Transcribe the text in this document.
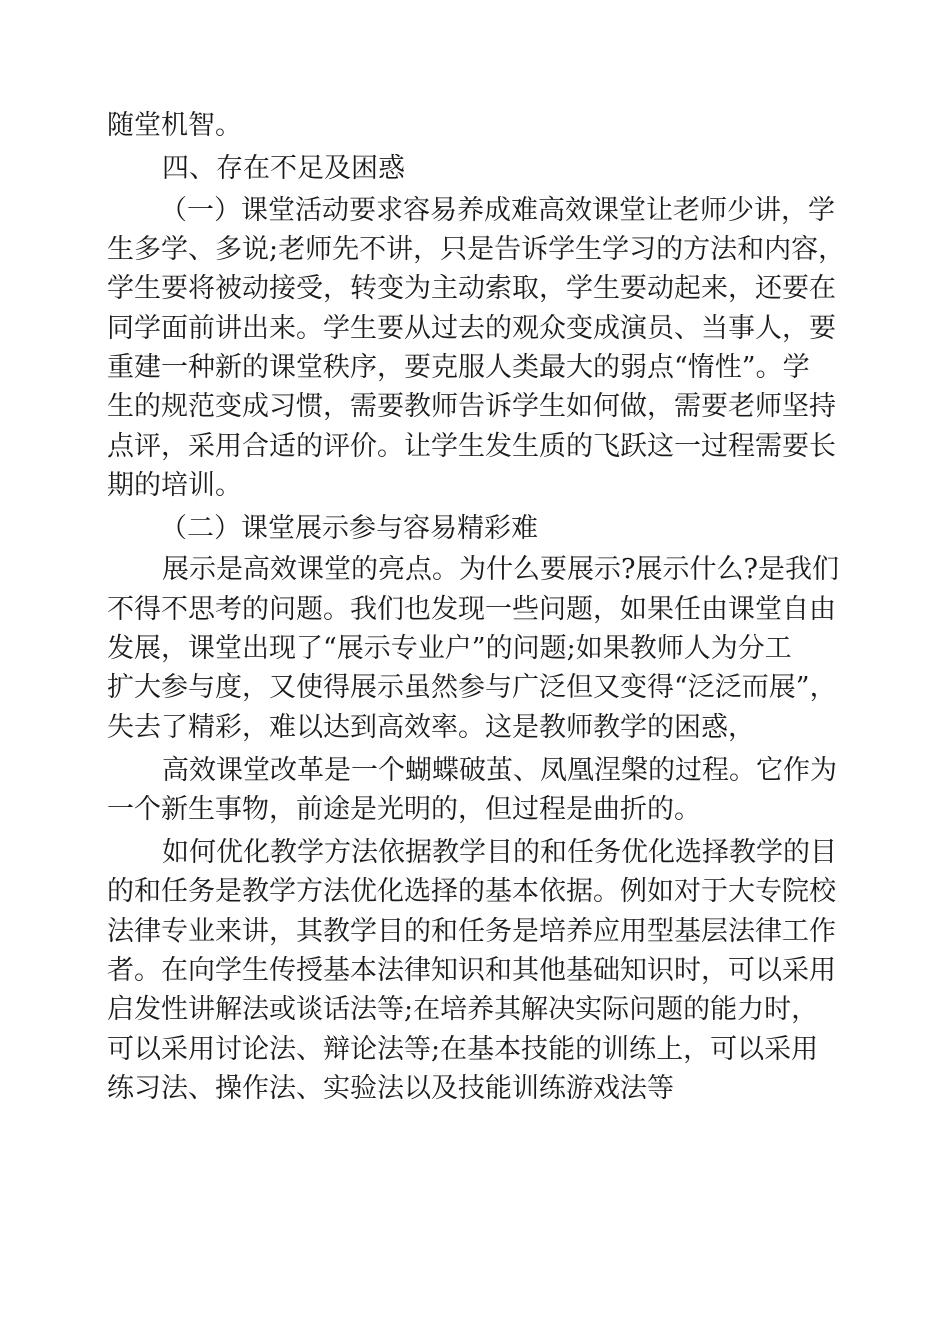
随堂机智。

四、存在不足及困惑

（一）课堂活动要求容易养成难高效课堂让老师少讲，学

生多学、多说;老师先不讲，只是告诉学生学习的方法和内容，

学生要将被动接受，转变为主动索取，学生要动起来，还要在

同学面前讲出来。学生要从过去的观众变成演员、当事人，要

重建一种新的课堂秩序，要克服人类最大的弱点“惰性”。学

生的规范变成习惯，需要教师告诉学生如何做，需要老师坚持

点评，采用合适的评价。让学生发生质的飞跃这一过程需要长

期的培训。

（二）课堂展示参与容易精彩难

展示是高效课堂的亮点。为什么要展示?展示什么?是我们

不得不思考的问题。我们也发现一些问题，如果任由课堂自由

发展，课堂出现了“展示专业户”的问题;如果教师人为分工

扩大参与度，又使得展示虽然参与广泛但又变得“泛泛而展”，

失去了精彩，难以达到高效率。这是教师教学的困惑，

高效课堂改革是一个蝴蝶破茧、凤凰涅槃的过程。它作为

一个新生事物，前途是光明的，但过程是曲折的。

如何优化教学方法依据教学目的和任务优化选择教学的目

的和任务是教学方法优化选择的基本依据。例如对于大专院校

法律专业来讲，其教学目的和任务是培养应用型基层法律工作

者。在向学生传授基本法律知识和其他基础知识时，可以采用

启发性讲解法或谈话法等;在培养其解决实际问题的能力时，

可以采用讨论法、辩论法等;在基本技能的训练上，可以采用

练习法、操作法、实验法以及技能训练游戏法等
